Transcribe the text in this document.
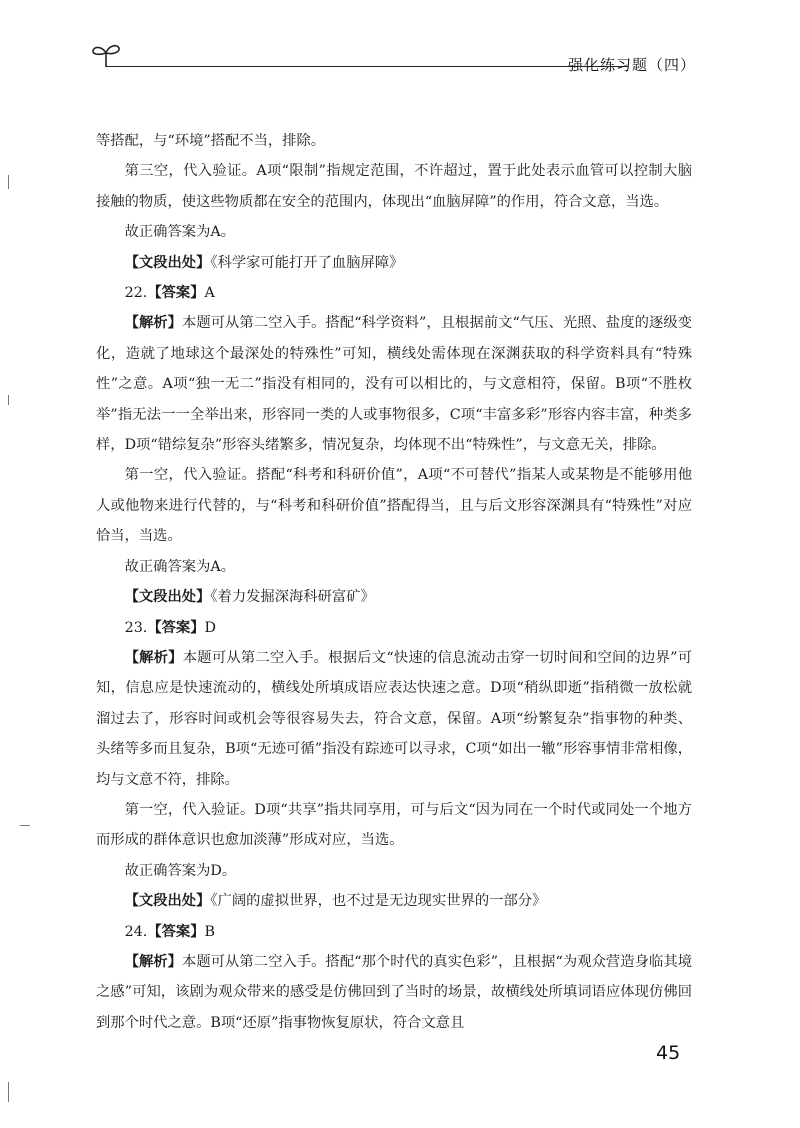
强化练习题（四）

等搭配，与“环境”搭配不当，排除。

第三空，代入验证。A项“限制”指规定范围，不许超过，置于此处表示血管可以控制大脑接触的物质，使这些物质都在安全的范围内，体现出“血脑屏障”的作用，符合文意，当选。

故正确答案为A。

【文段出处】《科学家可能打开了血脑屏障》

22.【答案】A

【解析】本题可从第二空入手。搭配“科学资料”，且根据前文“气压、光照、盐度的逐级变化，造就了地球这个最深处的特殊性”可知，横线处需体现在深渊获取的科学资料具有“特殊性”之意。A项“独一无二”指没有相同的，没有可以相比的，与文意相符，保留。B项“不胜枚举”指无法一一全举出来，形容同一类的人或事物很多，C项“丰富多彩”形容内容丰富，种类多样，D项“错综复杂”形容头绪繁多，情况复杂，均体现不出“特殊性”，与文意无关，排除。

第一空，代入验证。搭配“科考和科研价值”，A项“不可替代”指某人或某物是不能够用他人或他物来进行代替的，与“科考和科研价值”搭配得当，且与后文形容深渊具有“特殊性”对应恰当，当选。

故正确答案为A。

【文段出处】《着力发掘深海科研富矿》

23.【答案】D

【解析】本题可从第二空入手。根据后文“快速的信息流动击穿一切时间和空间的边界”可知，信息应是快速流动的，横线处所填成语应表达快速之意。D项“稍纵即逝”指稍微一放松就溜过去了，形容时间或机会等很容易失去，符合文意，保留。A项“纷繁复杂”指事物的种类、头绪等多而且复杂，B项“无迹可循”指没有踪迹可以寻求，C项“如出一辙”形容事情非常相像，均与文意不符，排除。

第一空，代入验证。D项“共享”指共同享用，可与后文“因为同在一个时代或同处一个地方而形成的群体意识也愈加淡薄”形成对应，当选。

故正确答案为D。

【文段出处】《广阔的虚拟世界，也不过是无边现实世界的一部分》

24.【答案】B

【解析】本题可从第二空入手。搭配“那个时代的真实色彩”，且根据“为观众营造身临其境之感”可知，该剧为观众带来的感受是仿佛回到了当时的场景，故横线处所填词语应体现仿佛回到那个时代之意。B项“还原”指事物恢复原状，符合文意且

45
